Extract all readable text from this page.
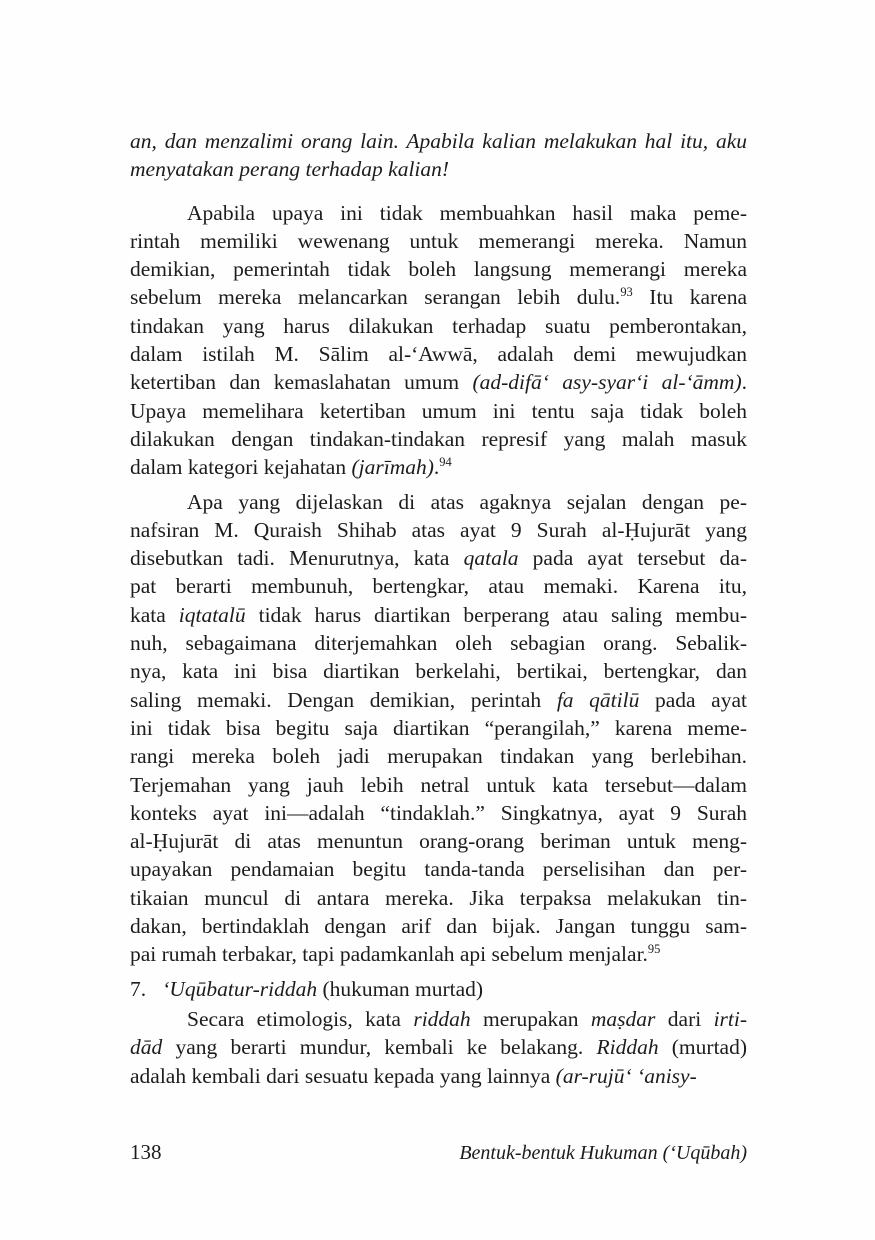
an, dan menzalimi orang lain. Apabila kalian melakukan hal itu, aku
menyatakan perang terhadap kalian!
Apabila upaya ini tidak membuahkan hasil maka peme-
rintah memiliki wewenang untuk memerangi mereka. Namun
demikian, pemerintah tidak boleh langsung memerangi mereka
sebelum mereka melancarkan serangan lebih dulu.$^{93}$ Itu karena
tindakan yang harus dilakukan terhadap suatu pemberontakan,
dalam istilah M. Sālim al-‘Awwā, adalah demi mewujudkan
ketertiban dan kemaslahatan umum (ad-difā‘ asy-syar‘i al-‘āmm).
Upaya memelihara ketertiban umum ini tentu saja tidak boleh
dilakukan dengan tindakan-tindakan represif yang malah masuk
dalam kategori kejahatan (jarīmah).$^{94}$
Apa yang dijelaskan di atas agaknya sejalan dengan pe-
nafsiran M. Quraish Shihab atas ayat 9 Surah al-Ḥujurāt yang
disebutkan tadi. Menurutnya, kata qatala pada ayat tersebut da-
pat berarti membunuh, bertengkar, atau memaki. Karena itu,
kata iqtatalū tidak harus diartikan berperang atau saling membu-
nuh, sebagaimana diterjemahkan oleh sebagian orang. Sebalik-
nya, kata ini bisa diartikan berkelahi, bertikai, bertengkar, dan
saling memaki. Dengan demikian, perintah fa qātilū pada ayat
ini tidak bisa begitu saja diartikan “perangilah,” karena meme-
rangi mereka boleh jadi merupakan tindakan yang berlebihan.
Terjemahan yang jauh lebih netral untuk kata tersebut—dalam
konteks ayat ini—adalah “tindaklah.” Singkatnya, ayat 9 Surah
al-Ḥujurāt di atas menuntun orang-orang beriman untuk meng-
upayakan pendamaian begitu tanda-tanda perselisihan dan per-
tikaian muncul di antara mereka. Jika terpaksa melakukan tin-
dakan, bertindaklah dengan arif dan bijak. Jangan tunggu sam-
pai rumah terbakar, tapi padamkanlah api sebelum menjalar.$^{95}$
7.   ‘Uqūbatur-riddah (hukuman murtad)
Secara etimologis, kata riddah merupakan maṣdar dari irti-
dād yang berarti mundur, kembali ke belakang. Riddah (murtad)
adalah kembali dari sesuatu kepada yang lainnya (ar-rujū‘ ‘anisy-
138	Bentuk-bentuk Hukuman (‘Uqūbah)
